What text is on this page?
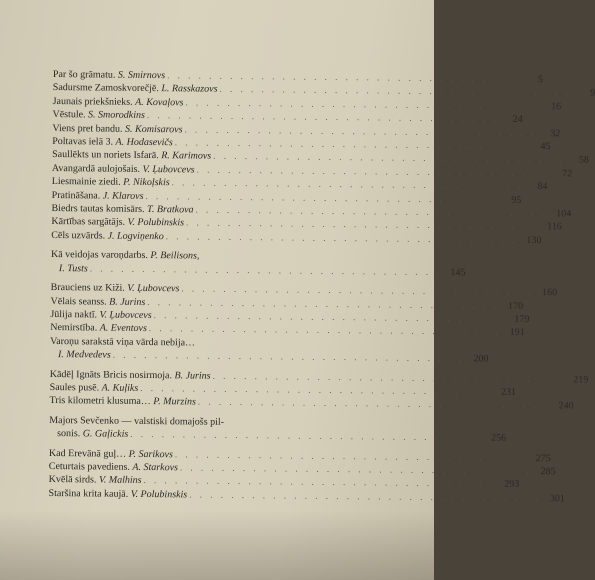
Par šo grāmatu. S. Smirnovs . . .	5
Sadursme Zamoskvorečjē. L. Rasskazovs . . .	9
Jaunais priekšnieks. A. Kovaļovs . . .	16
Vēstule. S. Smorodkins . . .	24
Viens pret bandu. S. Komisarovs . . .	32
Poltavas ielā 3. A. Hodasevičs . . .	45
Saullēkts un noriets Isfarā. R. Karimovs . . .	58
Avangardā aulojošais. V. Ļubovcevs . . .	72
Liesmainie ziedi. P. Nikoļskis . . .	84
Pratināšana. J. Klarovs . . .	95
Biedrs tautas komisārs. T. Bratkova . . .	104
Kārtības sargātājs. V. Polubinskis . . .	116
Cēls uzvārds. J. Logviņenko . . .	130
Kā veidojas varoņdarbs. P. Beilisons,
I. Tusts . . .	145
Brauciens uz Kiži. V. Ļubovcevs . . .	160
Vēlais seanss. B. Jurins . . .	170
Jūlija naktī. V. Ļubovcevs . . .	179
Nemirstība. A. Eventovs . . .	191
Varoņu sarakstā viņa vārda nebija…
I. Medvedevs . . .	200
Kādēļ Ignāts Bricis nosirmoja. B. Jurins . . .	219
Saules pusē. A. Kuļiks . . .	231
Tris kilometri klusuma… P. Murzins . . .	240
Majors Sevčenko — valstiski domajošs pil-
sonis. G. Gaļickis . . .	256
Kad Erevānā guļ… P. Sarikovs . . .	275
Ceturtais pavediens. A. Starkovs . . .	285
Kvēlā sirds. V. Malhins . . .	293
Staršina krita kaujā. V. Polubinskis . . .	301
